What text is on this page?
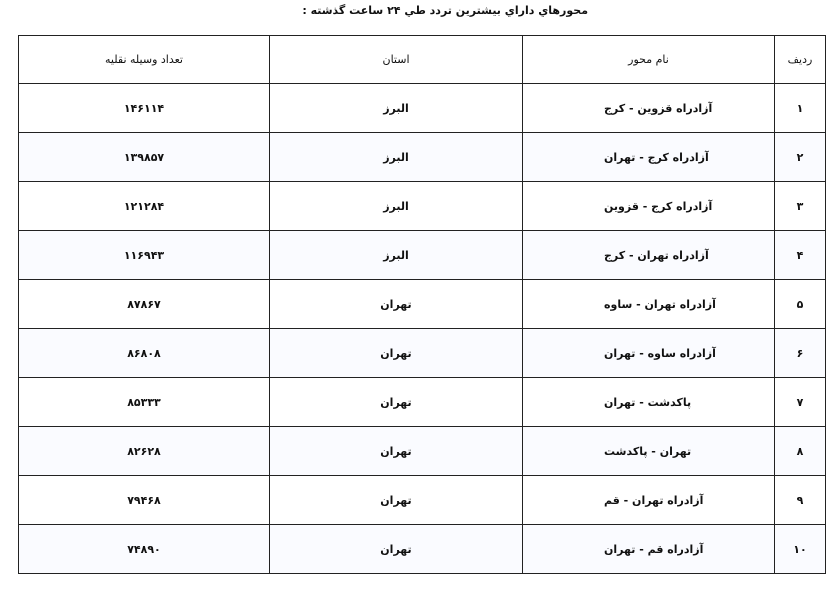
محورهاي داراي بيشترين تردد طي ۲۴ ساعت گذشته :
رديف	نام محور	استان	تعداد وسيله نقليه
۱	آزادراه قزوين - كرج	البرز	۱۴۶۱۱۴
۲	آزادراه كرج - تهران	البرز	۱۳۹۸۵۷
۳	آزادراه كرج - قزوين	البرز	۱۲۱۲۸۴
۴	آزادراه تهران - كرج	البرز	۱۱۶۹۴۳
۵	آزادراه تهران - ساوه	تهران	۸۷۸۶۷
۶	آزادراه ساوه - تهران	تهران	۸۶۸۰۸
۷	پاكدشت - تهران	تهران	۸۵۳۳۳
۸	تهران - پاكدشت	تهران	۸۲۶۲۸
۹	آزادراه تهران - قم	تهران	۷۹۴۶۸
۱۰	آزادراه قم - تهران	تهران	۷۴۸۹۰
